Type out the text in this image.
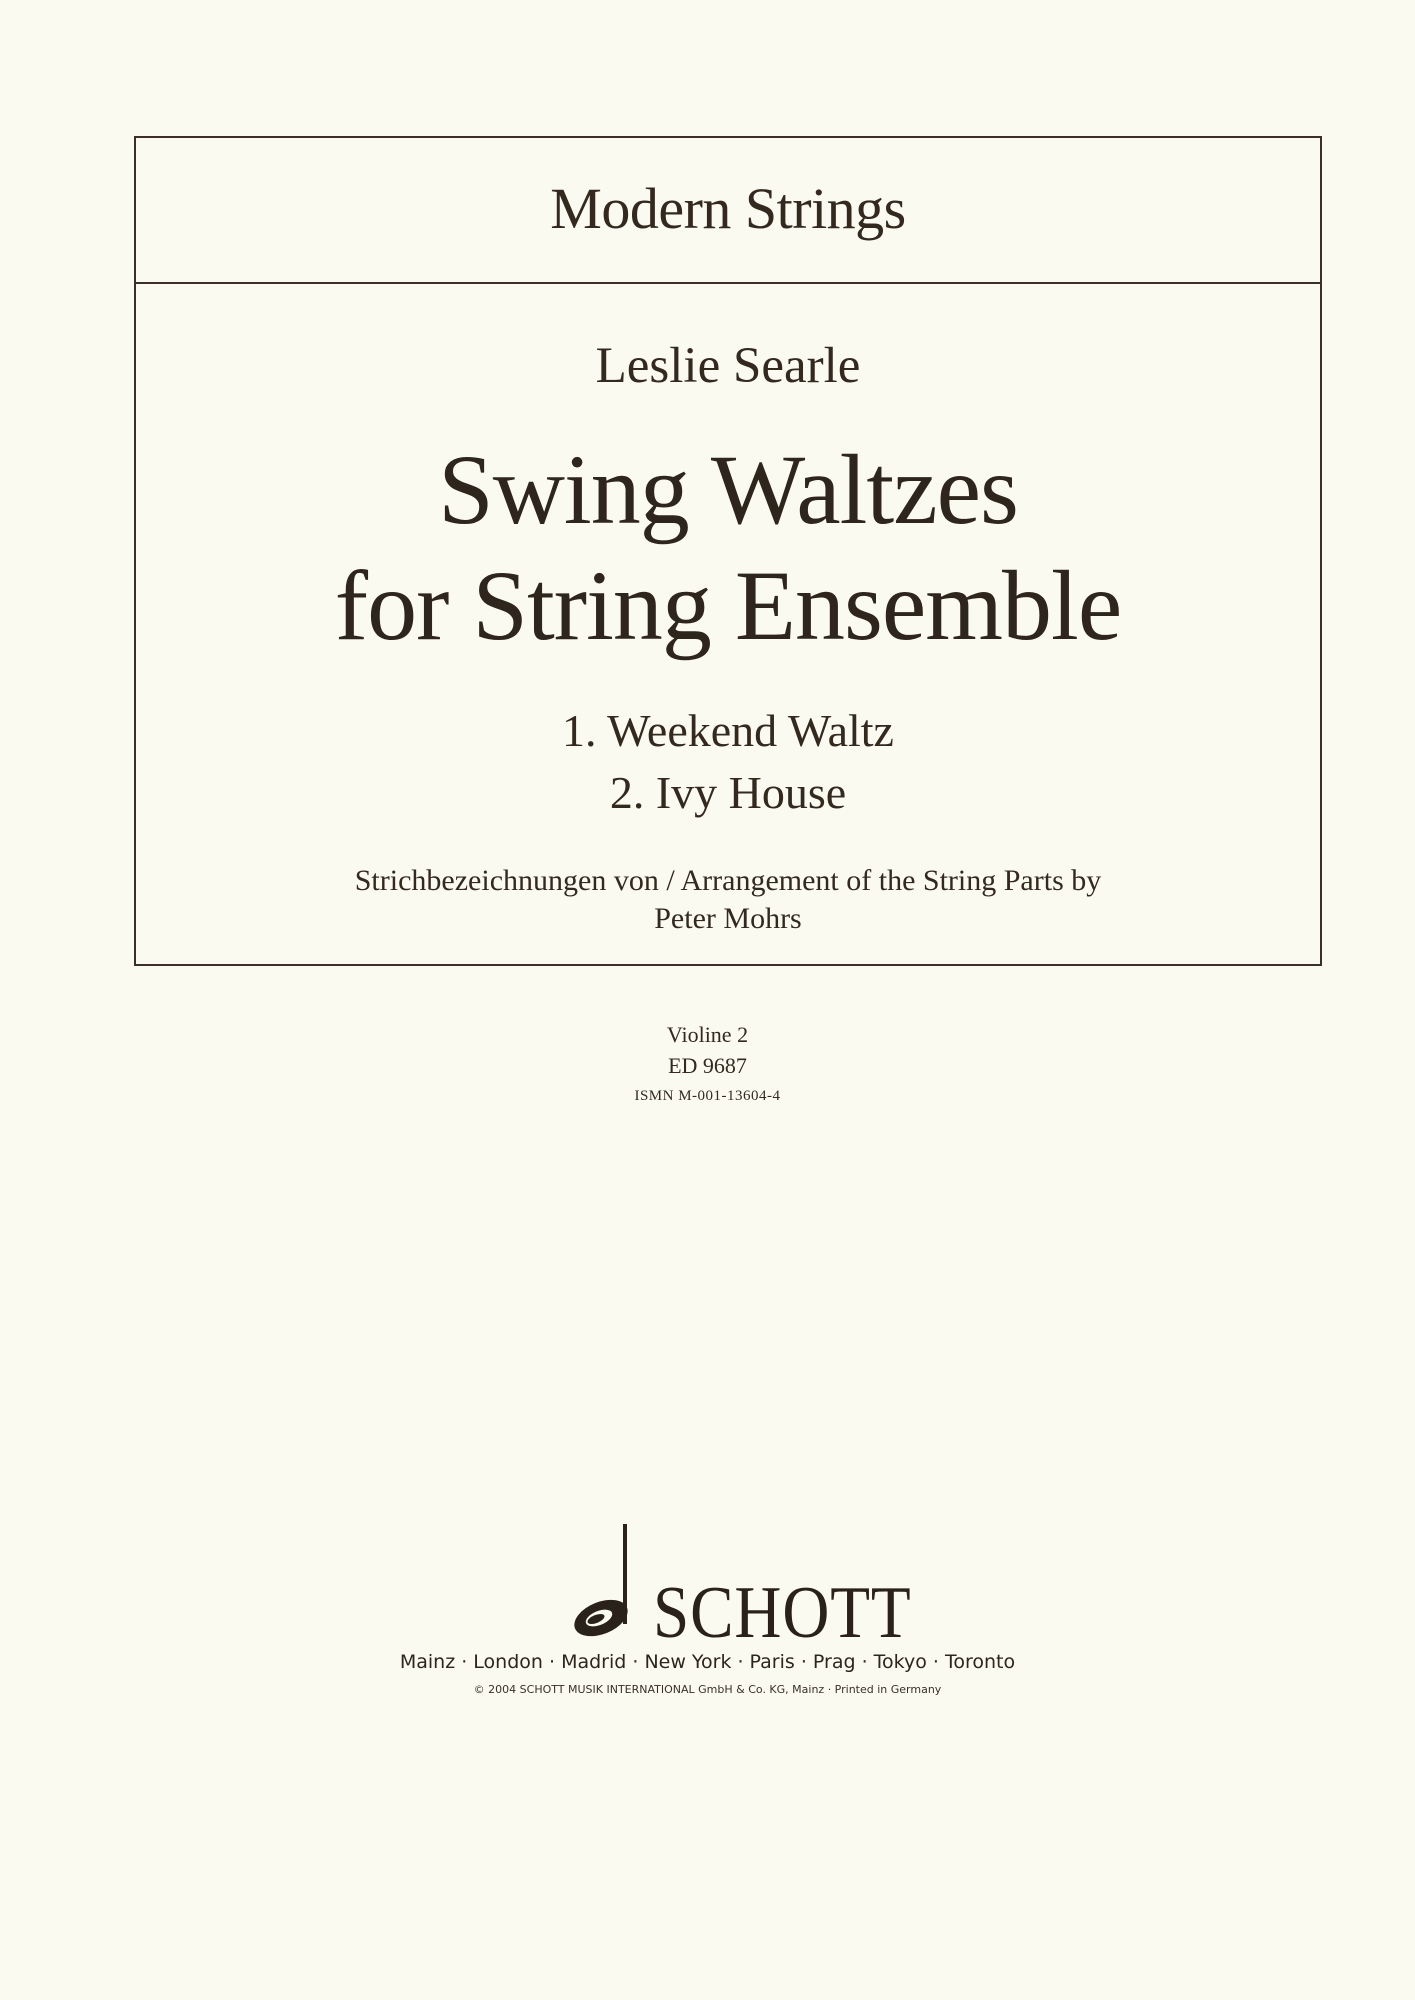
Modern Strings
Leslie Searle
Swing Waltzes
for String Ensemble
1. Weekend Waltz
2. Ivy House
Strichbezeichnungen von / Arrangement of the String Parts by
Peter Mohrs
Violine 2
ED 9687
ISMN M-001-13604-4
SCHOTT
Mainz · London · Madrid · New York · Paris · Prag · Tokyo · Toronto
© 2004 SCHOTT MUSIK INTERNATIONAL GmbH & Co. KG, Mainz · Printed in Germany
